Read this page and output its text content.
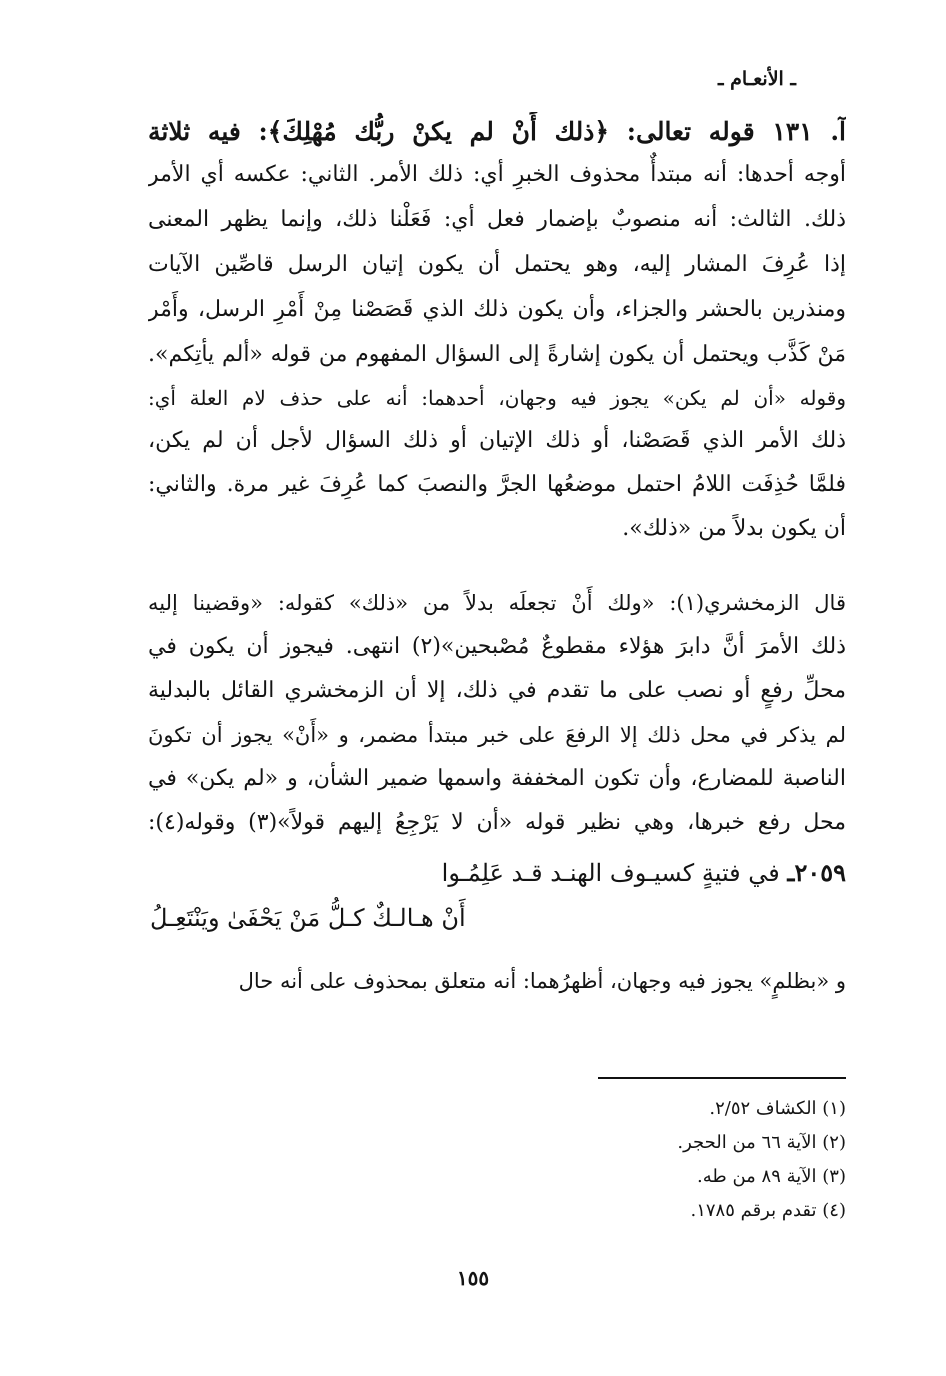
ـ الأنعـام ـ
آ. ١٣١ قوله تعالى: ﴿ذلك أَنْ لم يكنْ ربُّك مُهْلِكَ﴾: فيه ثلاثة
أوجه أحدها: أنه مبتدأٌ محذوف الخبرِ أي: ذلك الأمر. الثاني: عكسه أي الأمر
ذلك. الثالث: أنه منصوبٌ بإضمار فعل أي: فَعَلْنا ذلك، وإنما يظهر المعنى
إذا عُرِفَ المشار إليه، وهو يحتمل أن يكون إتيان الرسل قاصِّين الآيات
ومنذرين بالحشر والجزاء، وأن يكون ذلك الذي قَصَصْنا مِنْ أَمْرِ الرسل، وأَمْر
مَنْ كَذَّب ويحتمل أن يكون إشارةً إلى السؤال المفهوم من قوله «ألم يأتِكم».
وقوله «أن لم يكن» يجوز فيه وجهان، أحدهما: أنه على حذف لام العلة أي:
ذلك الأمر الذي قَصَصْنا، أو ذلك الإتيان أو ذلك السؤال لأجل أن لم يكن،
فلمَّا حُذِفَت اللامُ احتمل موضعُها الجرَّ والنصبَ كما عُرِفَ غير مرة. والثاني:
أن يكون بدلاً من «ذلك».
قال الزمخشري(١): «ولك أَنْ تجعلَه بدلاً من «ذلك» كقوله: «وقضينا إليه
ذلك الأمرَ أنَّ دابرَ هؤلاء مقطوعٌ مُصْبحين»(٢) انتهى. فيجوز أن يكون في
محلِّ رفعٍ أو نصب على ما تقدم في ذلك، إلا أن الزمخشري القائل بالبدلية
لم يذكر في محل ذلك إلا الرفعَ على خبر مبتدأ مضمر، و «أَنْ» يجوز أن تكونَ
الناصبة للمضارع، وأن تكون المخففة واسمها ضمير الشأن، و «لم يكن» في
محل رفع خبرها، وهي نظير قوله «أن لا يَرْجِعُ إليهم قولاً»(٣) وقوله(٤):
٢٠٥٩ـ في فتيةٍ كسيـوف الهنـد قـد عَلِمُـوا
أَنْ هـالـكٌ كـلُّ مَنْ يَحْفَىٰ ويَنْتَعِـلُ
و «بظلمٍ» يجوز فيه وجهان، أظهرُهما: أنه متعلق بمحذوف على أنه حال
(١) الكشاف ٢/٥٢.
(٢) الآية ٦٦ من الحجر.
(٣) الآية ٨٩ من طه.
(٤) تقدم برقم ١٧٨٥.
١٥٥
